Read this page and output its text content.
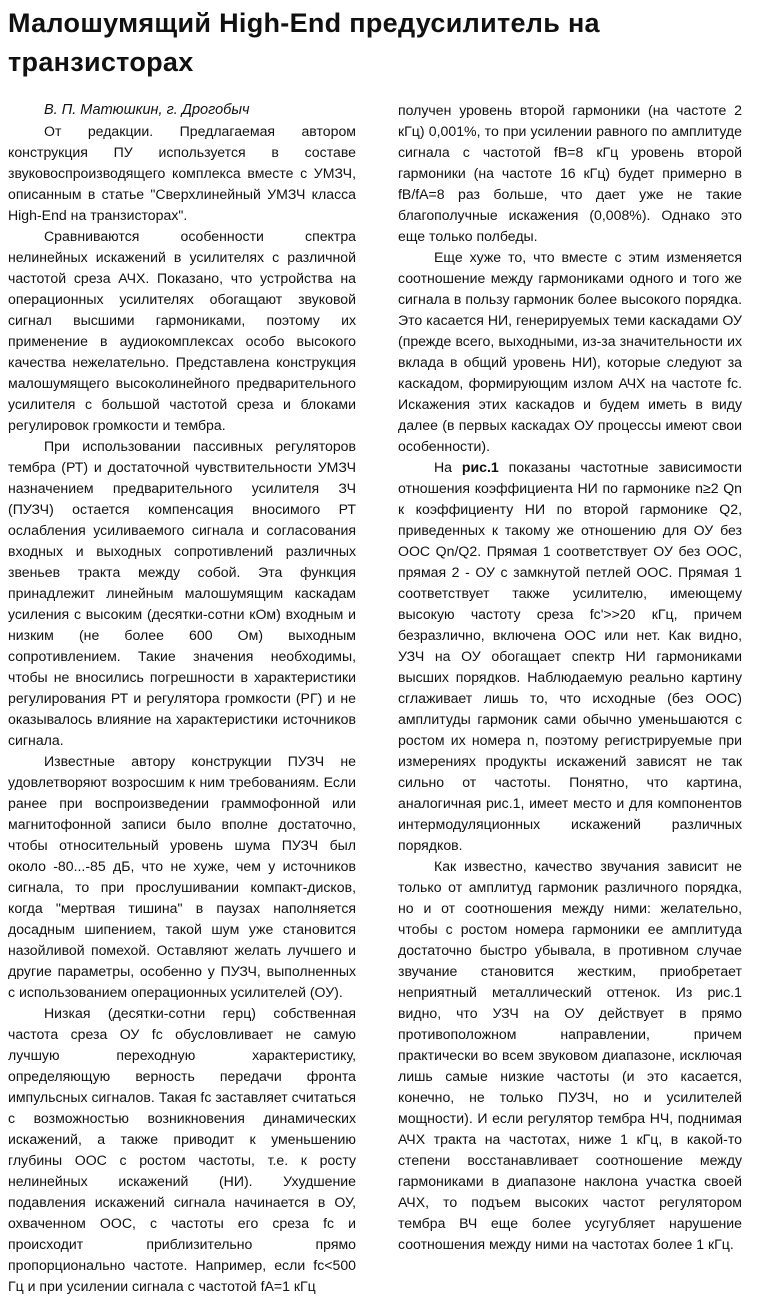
Малошумящий High-End предусилитель на транзисторах

В. П. Матюшкин, г. Дрогобыч

От редакции. Предлагаемая автором конструкция ПУ используется в составе звуковоспроизводящего комплекса вместе с УМЗЧ, описанным в статье "Сверхлинейный УМЗЧ класса High-End на транзисторах".

Сравниваются особенности спектра нелинейных искажений в усилителях с различной частотой среза АЧХ. Показано, что устройства на операционных усилителях обогащают звуковой сигнал высшими гармониками, поэтому их применение в аудиокомплексах особо высокого качества нежелательно. Представлена конструкция малошумящего высоколинейного предварительного усилителя с большой частотой среза и блоками регулировок громкости и тембра.

При использовании пассивных регуляторов тембра (РТ) и достаточной чувствительности УМЗЧ назначением предварительного усилителя ЗЧ (ПУЗЧ) остается компенсация вносимого РТ ослабления усиливаемого сигнала и согласования входных и выходных сопротивлений различных звеньев тракта между собой. Эта функция принадлежит линейным малошумящим каскадам усиления с высоким (десятки-сотни кОм) входным и низким (не более 600 Ом) выходным сопротивлением. Такие значения необходимы, чтобы не вносились погрешности в характеристики регулирования РТ и регулятора громкости (РГ) и не оказывалось влияние на характеристики источников сигнала.

Известные автору конструкции ПУЗЧ не удовлетворяют возросшим к ним требованиям. Если ранее при воспроизведении граммофонной или магнитофонной записи было вполне достаточно, чтобы относительный уровень шума ПУЗЧ был около -80...-85 дБ, что не хуже, чем у источников сигнала, то при прослушивании компакт-дисков, когда "мертвая тишина" в паузах наполняется досадным шипением, такой шум уже становится назойливой помехой. Оставляют желать лучшего и другие параметры, особенно у ПУЗЧ, выполненных с использованием операционных усилителей (ОУ).

Низкая (десятки-сотни герц) собственная частота среза ОУ fc обусловливает не самую лучшую переходную характеристику, определяющую верность передачи фронта импульсных сигналов. Такая fc заставляет считаться с возможностью возникновения динамических искажений, а также приводит к уменьшению глубины ООС с ростом частоты, т.е. к росту нелинейных искажений (НИ). Ухудшение подавления искажений сигнала начинается в ОУ, охваченном ООС, с частоты его среза fc и происходит приблизительно прямо пропорционально частоте. Например, если fc<500 Гц и при усилении сигнала с частотой fA=1 кГц

получен уровень второй гармоники (на частоте 2 кГц) 0,001%, то при усилении равного по амплитуде сигнала с частотой fB=8 кГц уровень второй гармоники (на частоте 16 кГц) будет примерно в fB/fA=8 раз больше, что дает уже не такие благополучные искажения (0,008%). Однако это еще только полбеды.

Еще хуже то, что вместе с этим изменяется соотношение между гармониками одного и того же сигнала в пользу гармоник более высокого порядка. Это касается НИ, генерируемых теми каскадами ОУ (прежде всего, выходными, из-за значительности их вклада в общий уровень НИ), которые следуют за каскадом, формирующим излом АЧХ на частоте fc. Искажения этих каскадов и будем иметь в виду далее (в первых каскадах ОУ процессы имеют свои особенности).

На рис.1 показаны частотные зависимости отношения коэффициента НИ по гармонике n≥2 Qn к коэффициенту НИ по второй гармонике Q2, приведенных к такому же отношению для ОУ без ООС Qn/Q2. Прямая 1 соответствует ОУ без ООС, прямая 2 - ОУ с замкнутой петлей ООС. Прямая 1 соответствует также усилителю, имеющему высокую частоту среза fc'>>20 кГц, причем безразлично, включена ООС или нет. Как видно, УЗЧ на ОУ обогащает спектр НИ гармониками высших порядков. Наблюдаемую реально картину сглаживает лишь то, что исходные (без ООС) амплитуды гармоник сами обычно уменьшаются с ростом их номера n, поэтому регистрируемые при измерениях продукты искажений зависят не так сильно от частоты. Понятно, что картина, аналогичная рис.1, имеет место и для компонентов интермодуляционных искажений различных порядков.

Как известно, качество звучания зависит не только от амплитуд гармоник различного порядка, но и от соотношения между ними: желательно, чтобы с ростом номера гармоники ее амплитуда достаточно быстро убывала, в противном случае звучание становится жестким, приобретает неприятный металлический оттенок. Из рис.1 видно, что УЗЧ на ОУ действует в прямо противоположном направлении, причем практически во всем звуковом диапазоне, исключая лишь самые низкие частоты (и это касается, конечно, не только ПУЗЧ, но и усилителей мощности). И если регулятор тембра НЧ, поднимая АЧХ тракта на частотах, ниже 1 кГц, в какой-то степени восстанавливает соотношение между гармониками в диапазоне наклона участка своей АЧХ, то подъем высоких частот регулятором тембра ВЧ еще более усугубляет нарушение соотношения между ними на частотах более 1 кГц.
